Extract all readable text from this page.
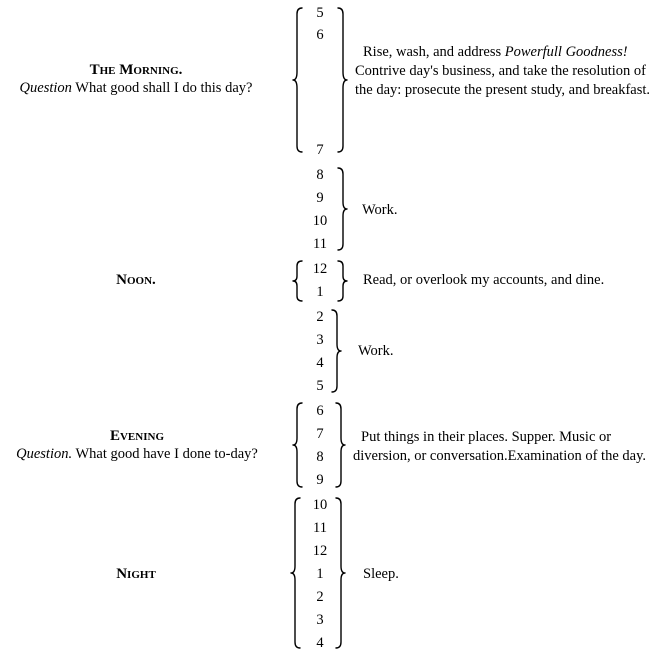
The Morning.
Question What good shall I do this day?
5
6
7
Rise, wash, and address Powerfull Goodness!
Contrive day's business, and take the resolution of the day: prosecute the present study, and breakfast.
8
9
10
11
Work.
Noon.
12
1
Read, or overlook my accounts, and dine.
2
3
4
5
Work.
Evening
Question. What good have I done to-day?
6
7
8
9
Put things in their places. Supper. Music or diversion, or conversation.Examination of the day.
Night
10
11
12
1
2
3
4
Sleep.
